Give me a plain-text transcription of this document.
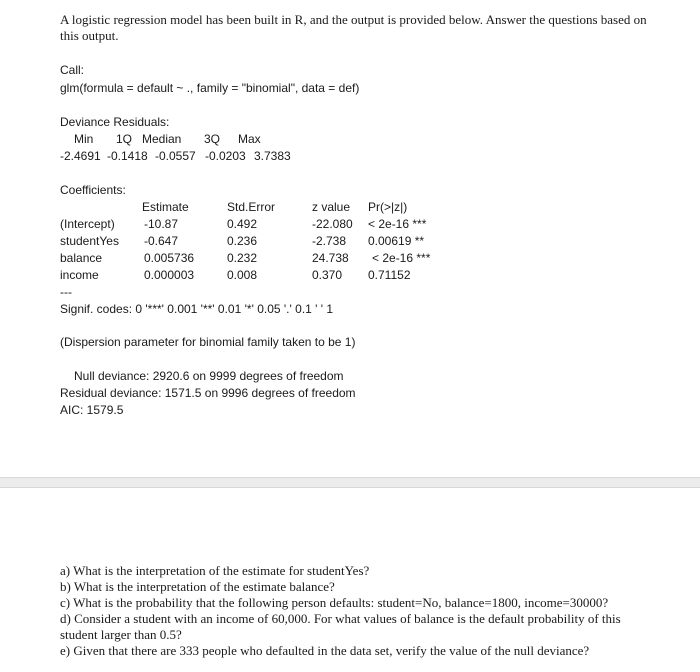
A logistic regression model has been built in R, and the output is provided below. Answer the questions based on this output.
Call:
glm(formula = default ~ ., family = "binomial", data = def)
Deviance Residuals:
Min 1Q Median 3Q Max
-2.4691 -0.1418 -0.0557 -0.0203 3.7383
Coefficients:
Estimate	Std.Error	z value Pr(>|z|)
(Intercept) -10.87	0.492	-22.080 < 2e-16 ***
studentYes -0.647	0.236	-2.738 0.00619 **
balance	0.005736	0.232	24.738 < 2e-16 ***
income	0.000003	0.008	0.370 0.71152
---
Signif. codes: 0 '***' 0.001 '**' 0.01 '*' 0.05 '.' 0.1 ' ' 1
(Dispersion parameter for binomial family taken to be 1)
Null deviance: 2920.6 on 9999 degrees of freedom
Residual deviance: 1571.5 on 9996 degrees of freedom
AIC: 1579.5
a) What is the interpretation of the estimate for studentYes?
b) What is the interpretation of the estimate balance?
c) What is the probability that the following person defaults: student=No, balance=1800, income=30000?
d) Consider a student with an income of 60,000. For what values of balance is the default probability of this student larger than 0.5?
e) Given that there are 333 people who defaulted in the data set, verify the value of the null deviance?
